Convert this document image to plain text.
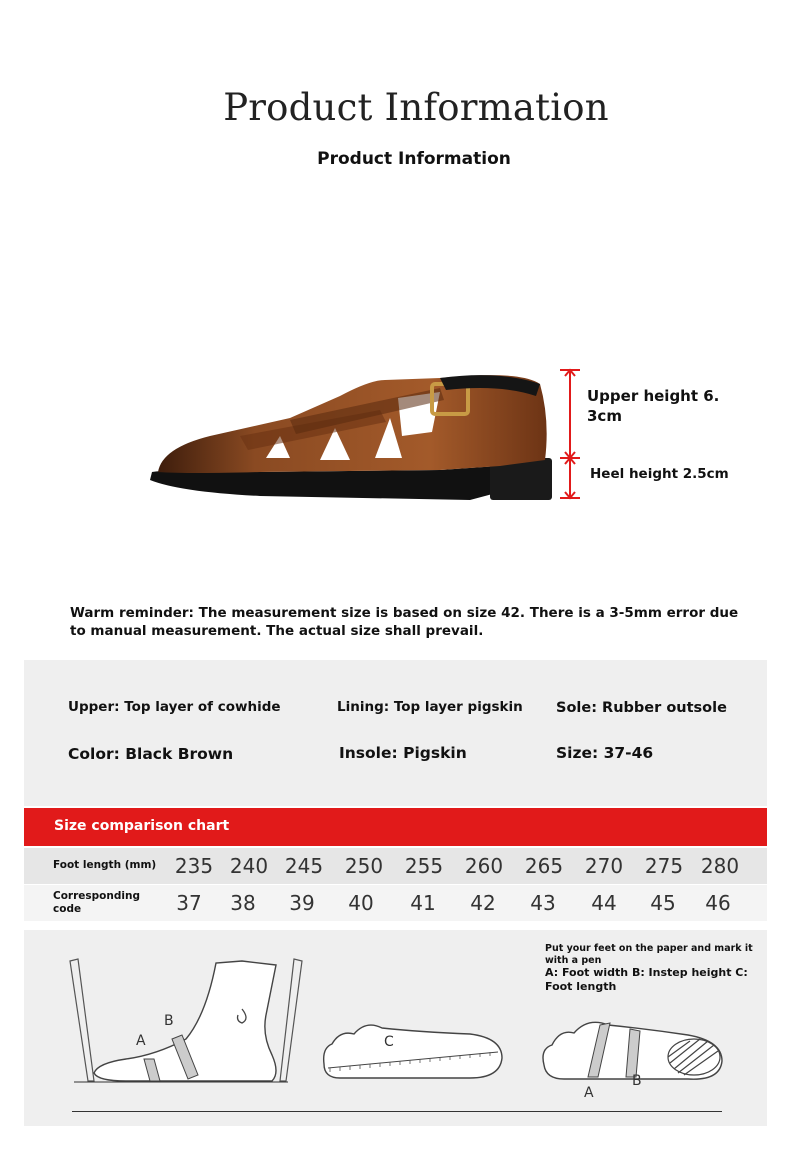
Product Information
Product Information
Upper height 6. 3cm
Heel height 2.5cm
Warm reminder: The measurement size is based on size 42. There is a 3-5mm error due to manual measurement. The actual size shall prevail.
Upper: Top layer of cowhide	Lining: Top layer pigskin Sole: Rubber outsole
Color: Black Brown	Insole: Pigskin	Size: 37-46
Size comparison chart
Foot length (mm) 235 240 245 250 255 260 265 270 275 280
Corresponding code	37	38	39	40	41	42	43	44	45	46
A
B
C
A
B
Put your feet on the paper and mark it with a pen
A: Foot width B: Instep height C: Foot length
